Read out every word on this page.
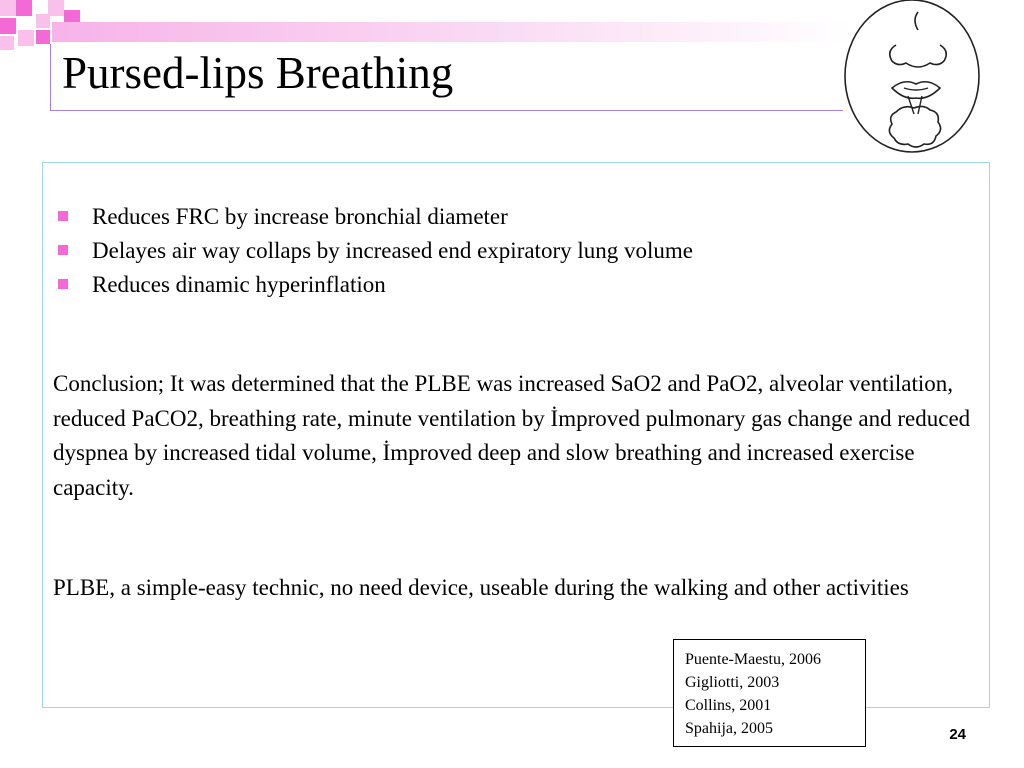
Pursed-lips Breathing
Reduces FRC by increase bronchial diameter
Delayes air way collaps by increased end expiratory lung volume
Reduces dinamic hyperinflation

Conclusion; It was determined that the PLBE was increased SaO2 and PaO2, alveolar ventilation, reduced PaCO2, breathing rate, minute ventilation by İmproved pulmonary gas change and reduced dyspnea by increased tidal volume, İmproved deep and slow breathing and increased exercise capacity.

PLBE, a simple-easy technic, no need device, useable during the walking and other activities

Puente-Maestu, 2006
Gigliotti, 2003
Collins, 2001
Spahija, 2005	24
